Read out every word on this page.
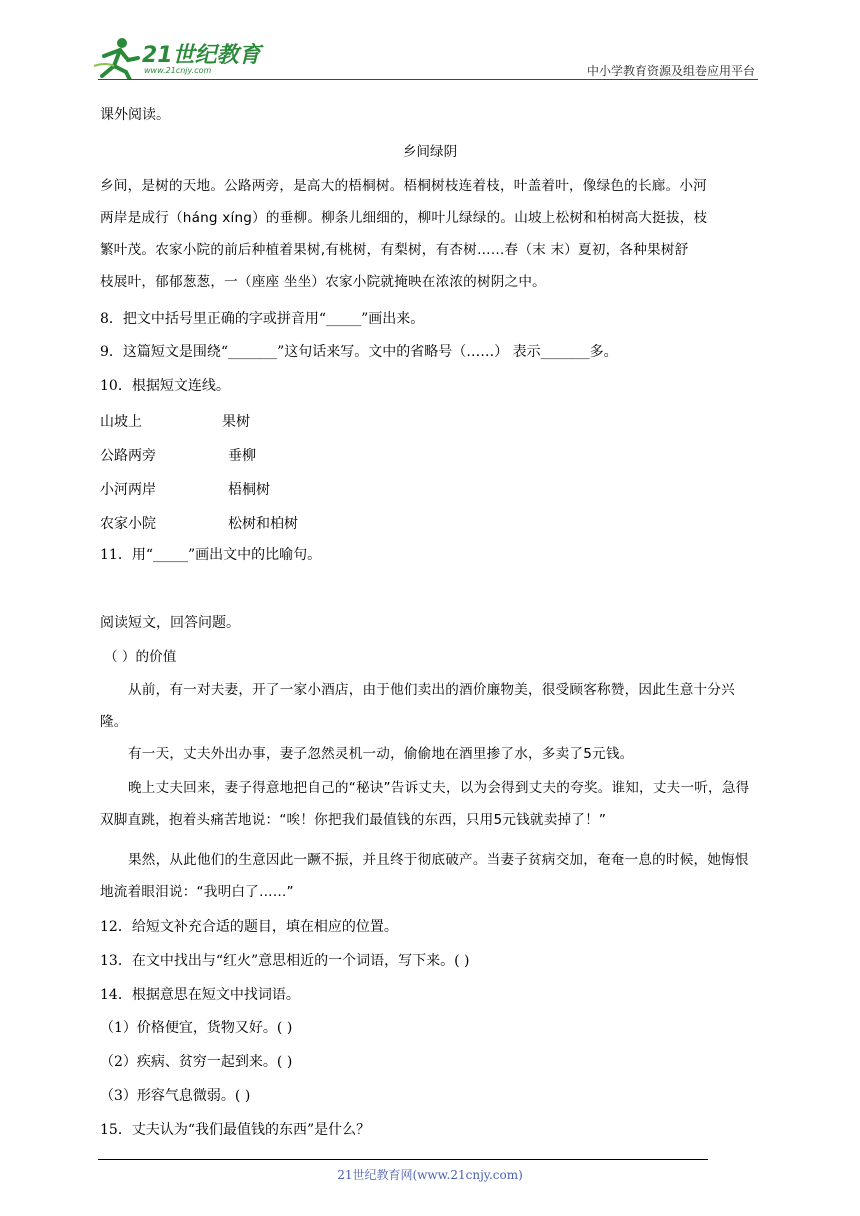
21世纪教育
www.21cnjy.com	中小学教育资源及组卷应用平台
课外阅读。
乡间绿阴
乡间，是树的天地。公路两旁，是高大的梧桐树。梧桐树枝连着枝，叶盖着叶，像绿色的长廊。小河
两岸是成行（háng xíng）的垂柳。柳条儿细细的，柳叶儿绿绿的。山坡上松树和柏树高大挺拔，枝
繁叶茂。农家小院的前后种植着果树,有桃树，有梨树，有杏树……春（末 末）夏初，各种果树舒
枝展叶，郁郁葱葱，一（座座 坐坐）农家小院就掩映在浓浓的树阴之中。
8．把文中括号里正确的字或拼音用“_____”画出来。
9．这篇短文是围绕“_______”这句话来写。文中的省略号（……） 表示_______多。
10．根据短文连线。
山坡上	果树
公路两旁	垂柳
小河两岸	梧桐树
农家小院	松树和柏树
11．用“_____”画出文中的比喻句。
阅读短文，回答问题。
（ ）的价值
从前，有一对夫妻，开了一家小酒店，由于他们卖出的酒价廉物美，很受顾客称赞，因此生意十分兴隆。
有一天，丈夫外出办事，妻子忽然灵机一动，偷偷地在酒里掺了水，多卖了5元钱。
晚上丈夫回来，妻子得意地把自己的“秘诀”告诉丈夫，以为会得到丈夫的夸奖。谁知，丈夫一听，急得双脚直跳，抱着头痛苦地说：“唉！你把我们最值钱的东西，只用5元钱就卖掉了！”
果然，从此他们的生意因此一蹶不振，并且终于彻底破产。当妻子贫病交加，奄奄一息的时候，她悔恨地流着眼泪说：“我明白了……”
12．给短文补充合适的题目，填在相应的位置。
13．在文中找出与“红火”意思相近的一个词语，写下来。( )
14．根据意思在短文中找词语。
（1）价格便宜，货物又好。( )
（2）疾病、贫穷一起到来。( )
（3）形容气息微弱。( )
15．丈夫认为“我们最值钱的东西”是什么？
21世纪教育网(www.21cnjy.com)
